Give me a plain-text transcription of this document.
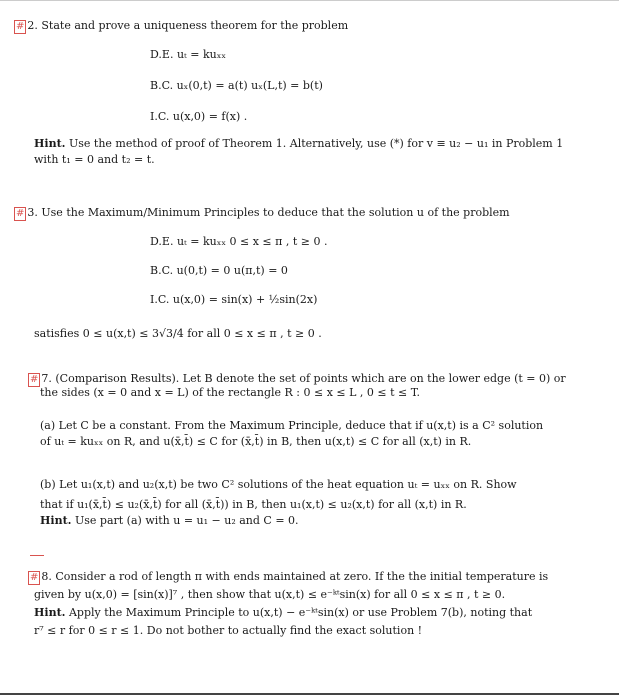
# 2. State and prove a uniqueness theorem for the problem
D.E. uₜ = kuₓₓ
B.C. uₓ(0,t) = a(t) uₓ(L,t) = b(t)
I.C. u(x,0) = f(x) .
Hint. Use the method of proof of Theorem 1. Alternatively, use (*) for v ≡ u₂ − u₁ in Problem 1
with t₁ = 0 and t₂ = t.
# 3. Use the Maximum/Minimum Principles to deduce that the solution u of the problem
D.E. uₜ = kuₓₓ 0 ≤ x ≤ π , t ≥ 0 .
B.C. u(0,t) = 0 u(π,t) = 0
I.C. u(x,0) = sin(x) + ½sin(2x)
satisfies 0 ≤ u(x,t) ≤ 3√3/4 for all 0 ≤ x ≤ π , t ≥ 0 .
# 7. (Comparison Results). Let B denote the set of points which are on the lower edge (t = 0) or
the sides (x = 0 and x = L) of the rectangle R : 0 ≤ x ≤ L , 0 ≤ t ≤ T.
(a) Let C be a constant. From the Maximum Principle, deduce that if u(x,t) is a C² solution
of uₜ = kuₓₓ on R, and u(x̄,t̄) ≤ C for (x̄,t̄) in B, then u(x,t) ≤ C for all (x,t) in R.
(b) Let u₁(x,t) and u₂(x,t) be two C² solutions of the heat equation uₜ = uₓₓ on R. Show
that if u₁(x̄,t̄) ≤ u₂(x̄,t̄) for all (x̄,t̄)) in B, then u₁(x,t) ≤ u₂(x,t) for all (x,t) in R.
Hint. Use part (a) with u = u₁ − u₂ and C = 0.
# 8. Consider a rod of length π with ends maintained at zero. If the the initial temperature is
given by u(x,0) = [sin(x)]⁷ , then show that u(x,t) ≤ e⁻ᵏᵗsin(x) for all 0 ≤ x ≤ π , t ≥ 0.
Hint. Apply the Maximum Principle to u(x,t) − e⁻ᵏᵗsin(x) or use Problem 7(b), noting that
r⁷ ≤ r for 0 ≤ r ≤ 1. Do not bother to actually find the exact solution !
